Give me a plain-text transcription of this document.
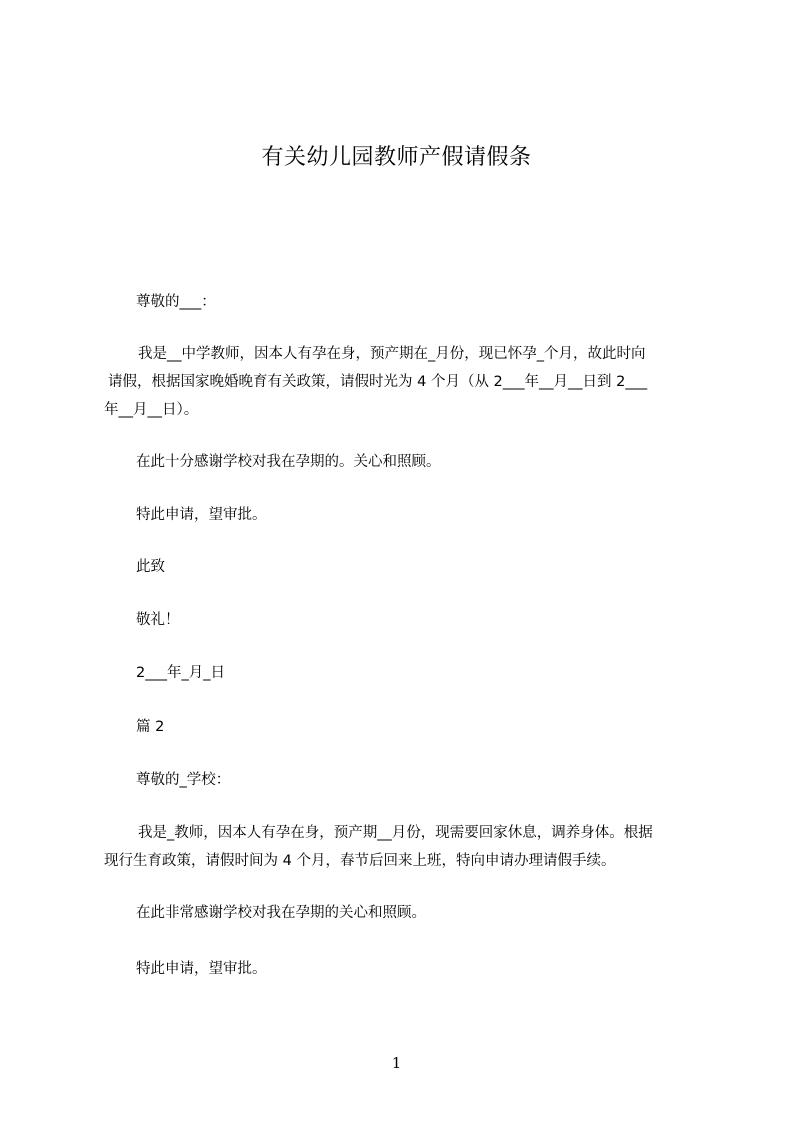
有关幼儿园教师产假请假条

尊敬的___：

我是__中学教师，因本人有孕在身，预产期在_月份，现已怀孕_个月，故此时向

请假，根据国家晚婚晚育有关政策，请假时光为 4 个月（从 2___年__月__日到 2___

年__月__日）。

在此十分感谢学校对我在孕期的。关心和照顾。

特此申请，望审批。

此致

敬礼！

2___年_月_日

篇 2

尊敬的_学校：

我是_教师，因本人有孕在身，预产期__月份，现需要回家休息，调养身体。根据

现行生育政策，请假时间为 4 个月，春节后回来上班，特向申请办理请假手续。

在此非常感谢学校对我在孕期的关心和照顾。

特此申请，望审批。

1
